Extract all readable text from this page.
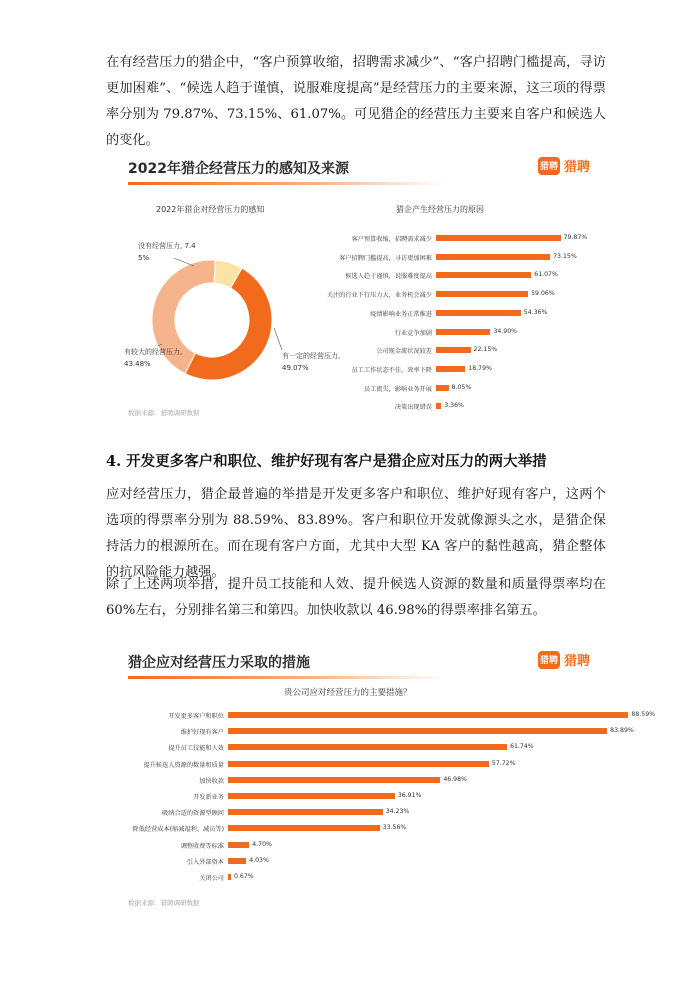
在有经营压力的猎企中，“客户预算收缩，招聘需求减少”、“客户招聘门槛提高，寻访更加困难”、“候选人趋于谨慎，说服难度提高”是经营压力的主要来源，这三项的得票率分别为 79.87%、73.15%、61.07%。可见猎企的经营压力主要来自客户和候选人的变化。
2022年猎企经营压力的感知及来源	猎聘 猎聘
2022年猎企对经营压力的感知	猎企产生经营压力的原因
数据来源：猎聘调研数据
有一定的经营压力, 49.07%
有较大的经营压力, 43.48%
没有经营压力, 7.45%
客户预算收缩，招聘需求减少	79.87%
客户招聘门槛提高，寻访更加困难	73.15%
候选人趋于谨慎，说服难度提高	61.07%
关注的行业下行压力大，业务机会减少	59.06%
疫情影响业务正常推进	54.36%
行业竞争加剧	34.90%
公司现金流状况较差	22.15%
员工工作状态不佳，效率下降	18.79%
员工流失，影响业务开展	8.05%
决策出现错误 3.36%
4. 开发更多客户和职位、维护好现有客户是猎企应对压力的两大举措
应对经营压力，猎企最普遍的举措是开发更多客户和职位、维护好现有客户，这两个选项的得票率分别为 88.59%、83.89%。客户和职位开发就像源头之水，是猎企保持活力的根源所在。而在现有客户方面，尤其中大型 KA 客户的黏性越高，猎企整体的抗风险能力越强。
除了上述两项举措，提升员工技能和人效、提升候选人资源的数量和质量得票率均在 60%左右，分别排名第三和第四。加快收款以 46.98%的得票率排名第五。
猎企应对经营压力采取的措施	猎聘 猎聘
贵公司应对经营压力的主要措施？
数据来源：猎聘调研数据
开发更多客户和职位	88.59%
维护好现有客户	83.89%
提升员工技能和人效	61.74%
提升候选人资源的数量和质量	57.72%
加快收款	46.98%
开发新业务	36.91%
吸纳合适的资源型顾问	34.23%
降低经营成本(缩减福利、减员等)	33.56%
调整收费等标准	4.70%
引入外部资本	4.03%
关闭公司 0.67%
